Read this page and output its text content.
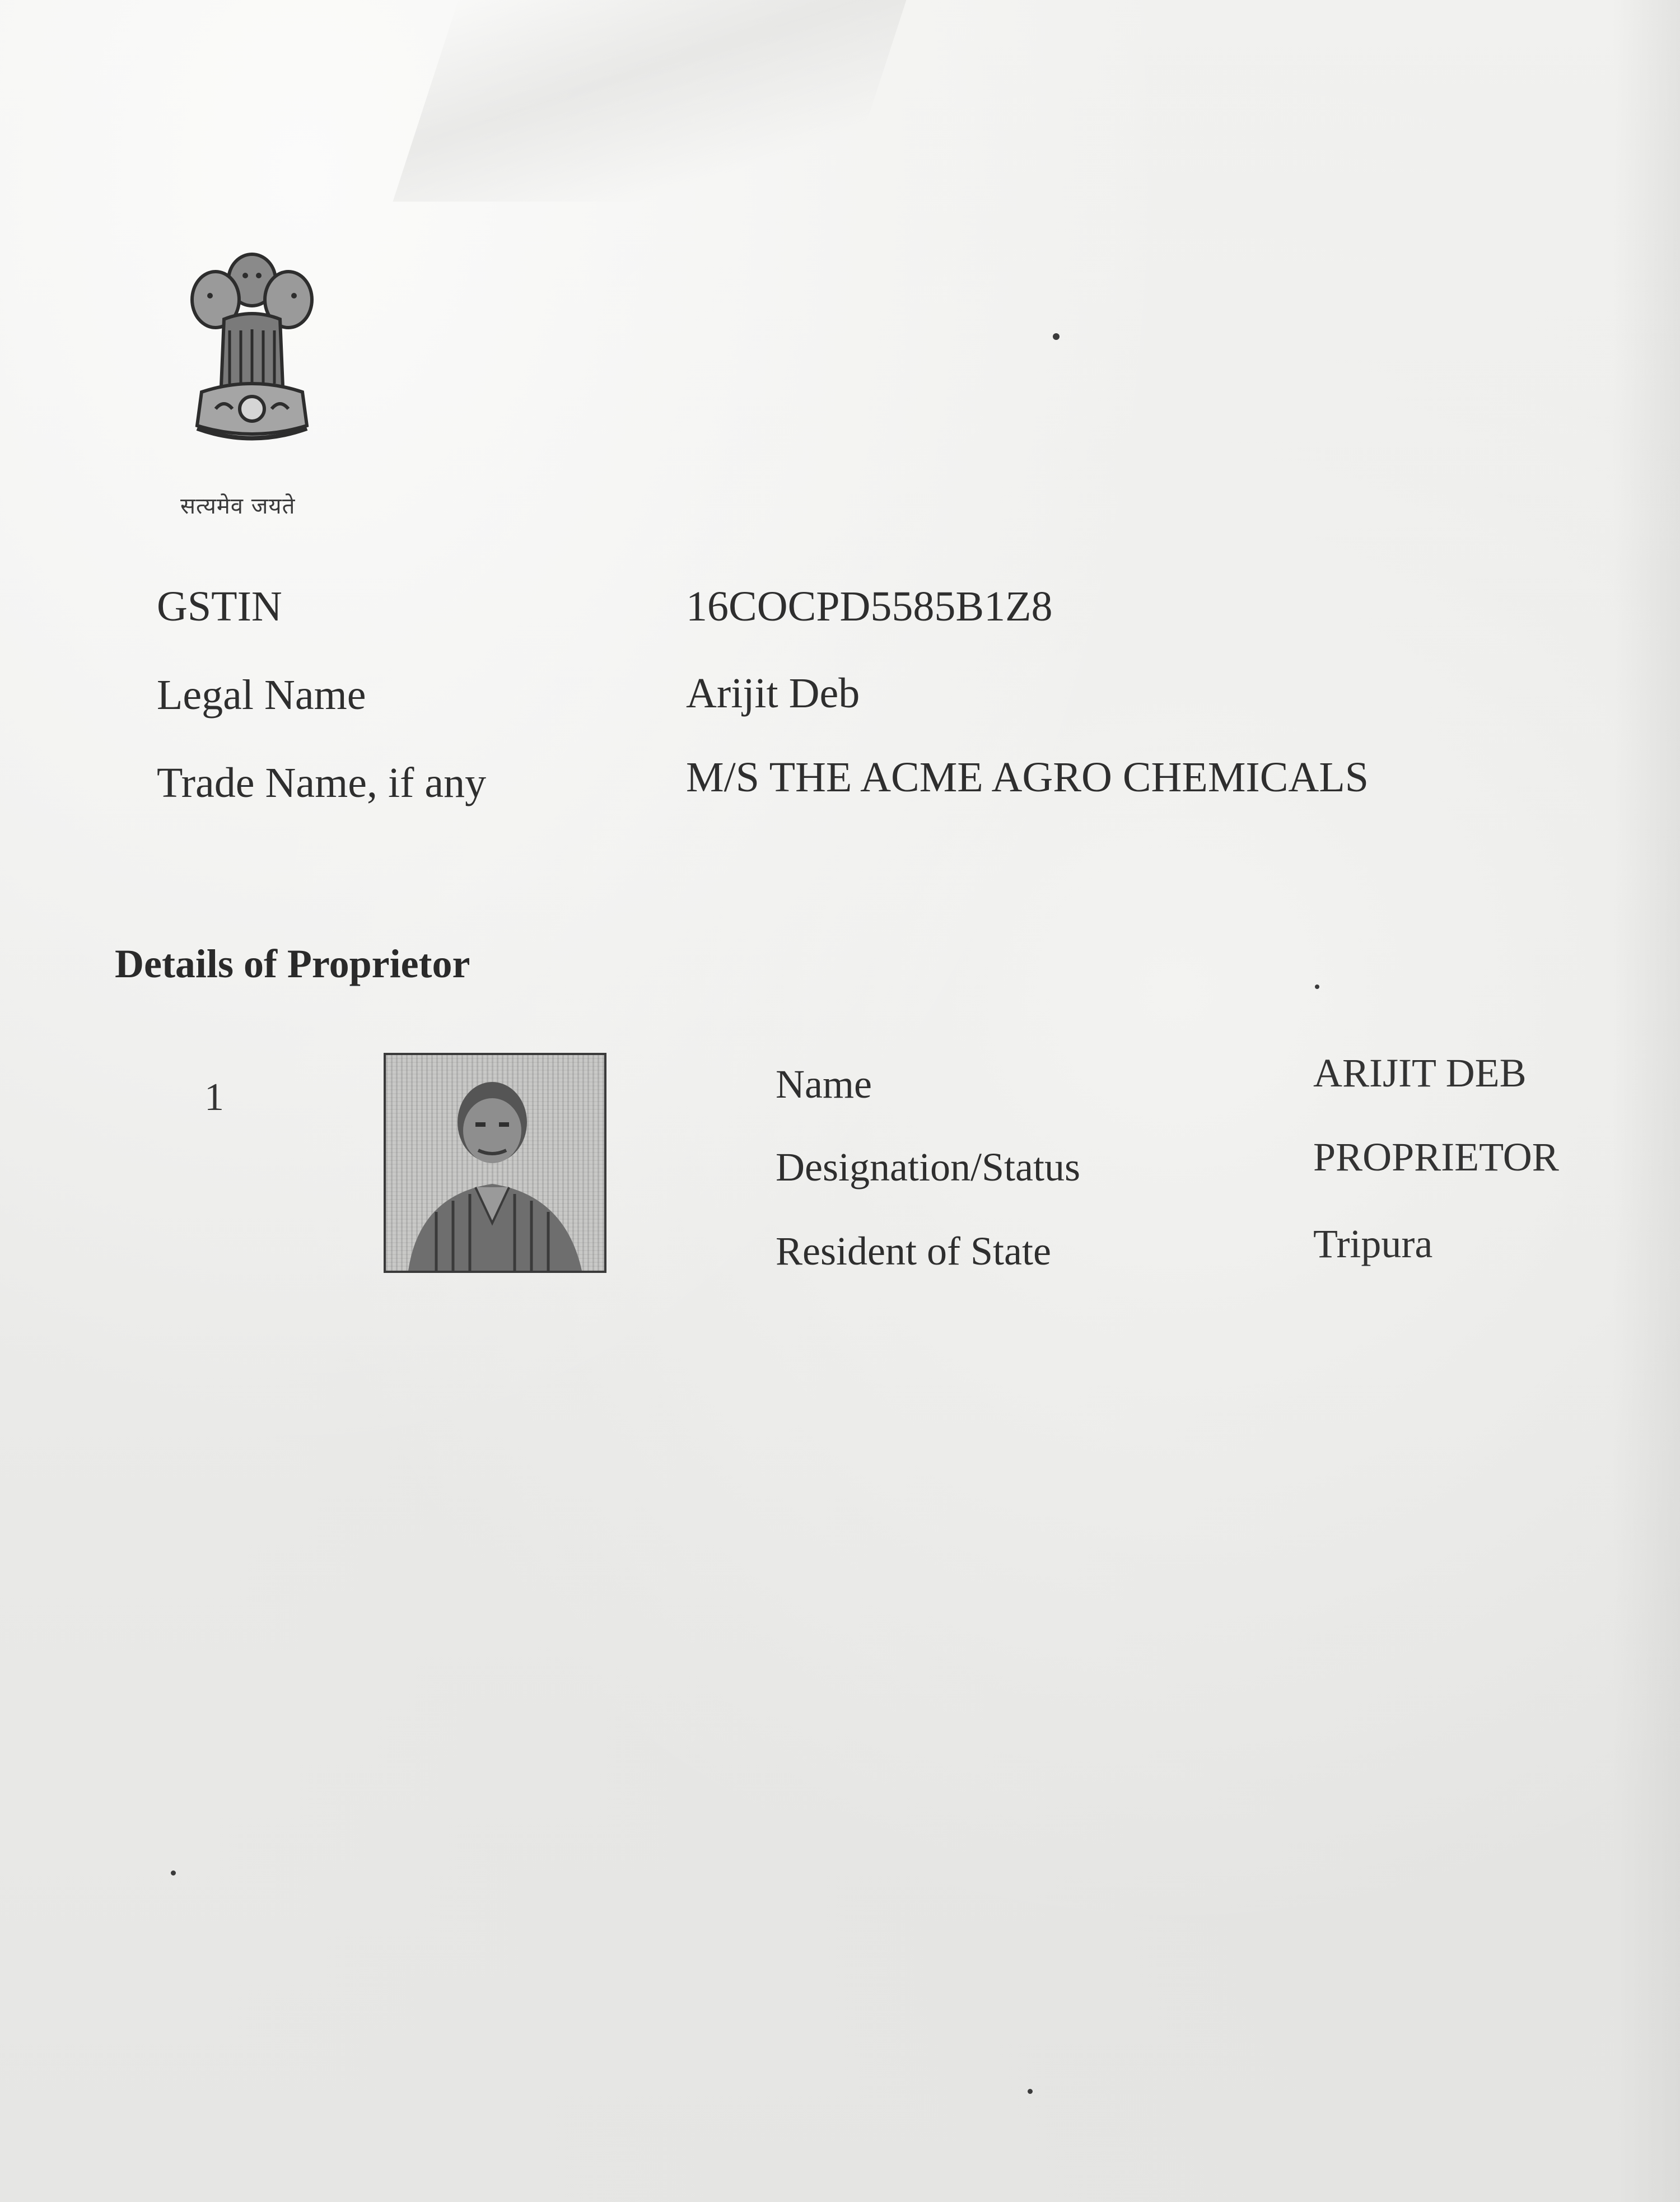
सत्यमेव जयते
GSTIN	16COCPD5585B1Z8
Legal Name	Arijit Deb
Trade Name, if any	M/S THE ACME AGRO CHEMICALS
Details of Proprietor
1	Name	ARIJIT DEB
Designation/Status	PROPRIETOR
Resident of State	Tripura
